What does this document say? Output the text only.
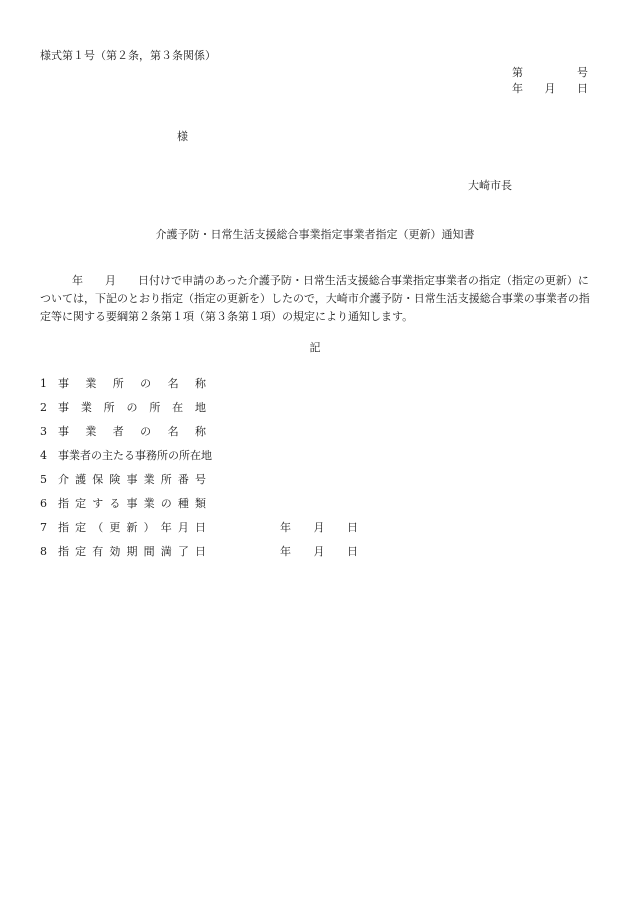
様式第１号（第２条，第３条関係）
第	号
年 月 日
様
大崎市長
介護予防・日常生活支援総合事業指定事業者指定（更新）通知書
年 月 日付けで申請のあった介護予防・日常生活支援総合事業指定事業者の指定（指定の更新）については，下記のとおり指定（指定の更新を）したので，大崎市介護予防・日常生活支援総合事業の事業者の指定等に関する要綱第２条第１項（第３条第１項）の規定により通知します。
記
1	事 業 所 の 名 称
2	事 業 所 の 所 在 地
3	事 業 者 の 名 称
4	事業者の主たる事務所の所在地
5	介 護 保 険 事 業 所 番 号
6	指 定 す る 事 業 の 種 類
7	指 定 （ 更 新 ） 年 月 日	年 月 日
8	指 定 有 効 期 間 満 了 日	年 月 日
